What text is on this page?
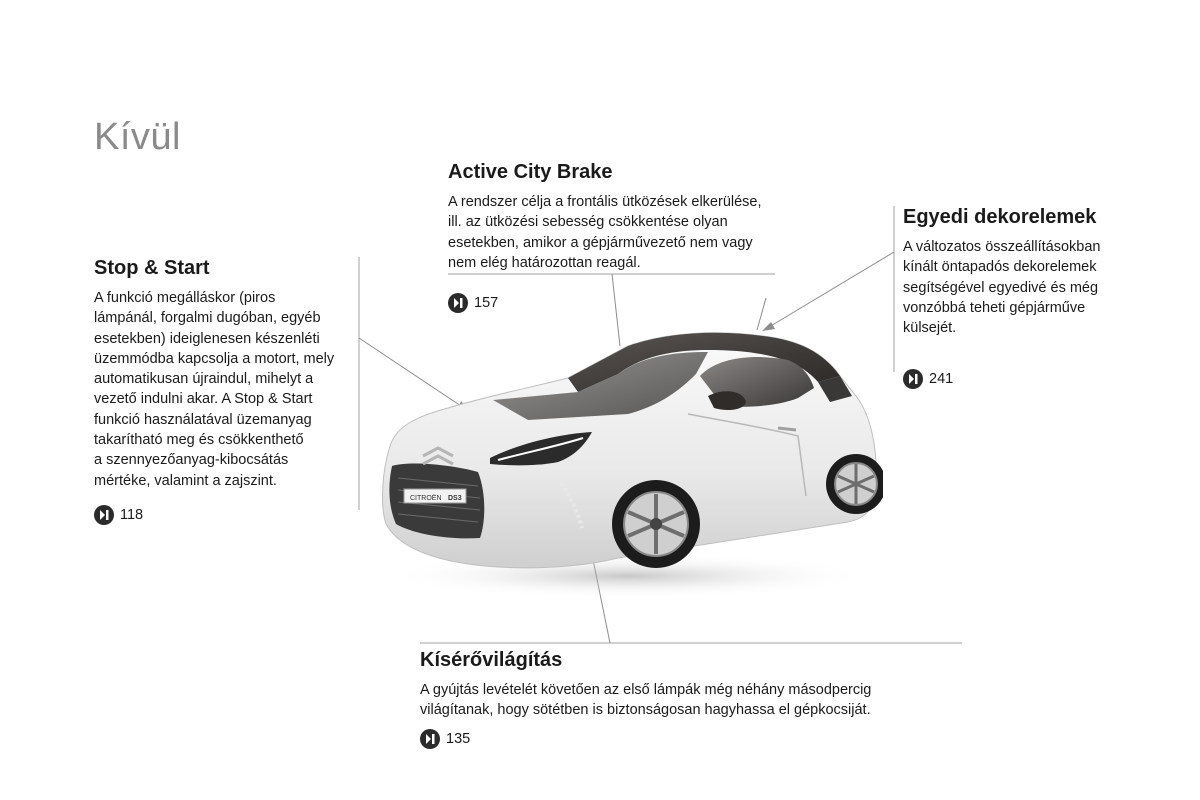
Kívül
CITROËN DS3
Stop & Start
A funkció megálláskor (piros
lámpánál, forgalmi dugóban, egyéb
esetekben) ideiglenesen készenléti
üzemmódba kapcsolja a motort, mely
automatikusan újraindul, mihelyt a
vezető indulni akar. A Stop & Start
funkció használatával üzemanyag
takarítható meg és csökkenthető
a szennyezőanyag-kibocsátás
mértéke, valamint a zajszint.
118
Active City Brake
A rendszer célja a frontális ütközések elkerülése,
ill. az ütközési sebesség csökkentése olyan
esetekben, amikor a gépjárművezető nem vagy
nem elég határozottan reagál.
157
Egyedi dekorelemek
A változatos összeállításokban
kínált öntapadós dekorelemek
segítségével egyedivé és még
vonzóbbá teheti gépjárműve
külsejét.
241
Kísérővilágítás
A gyújtás levételét követően az első lámpák még néhány másodpercig
világítanak, hogy sötétben is biztonságosan hagyhassa el gépkocsiját.
135
